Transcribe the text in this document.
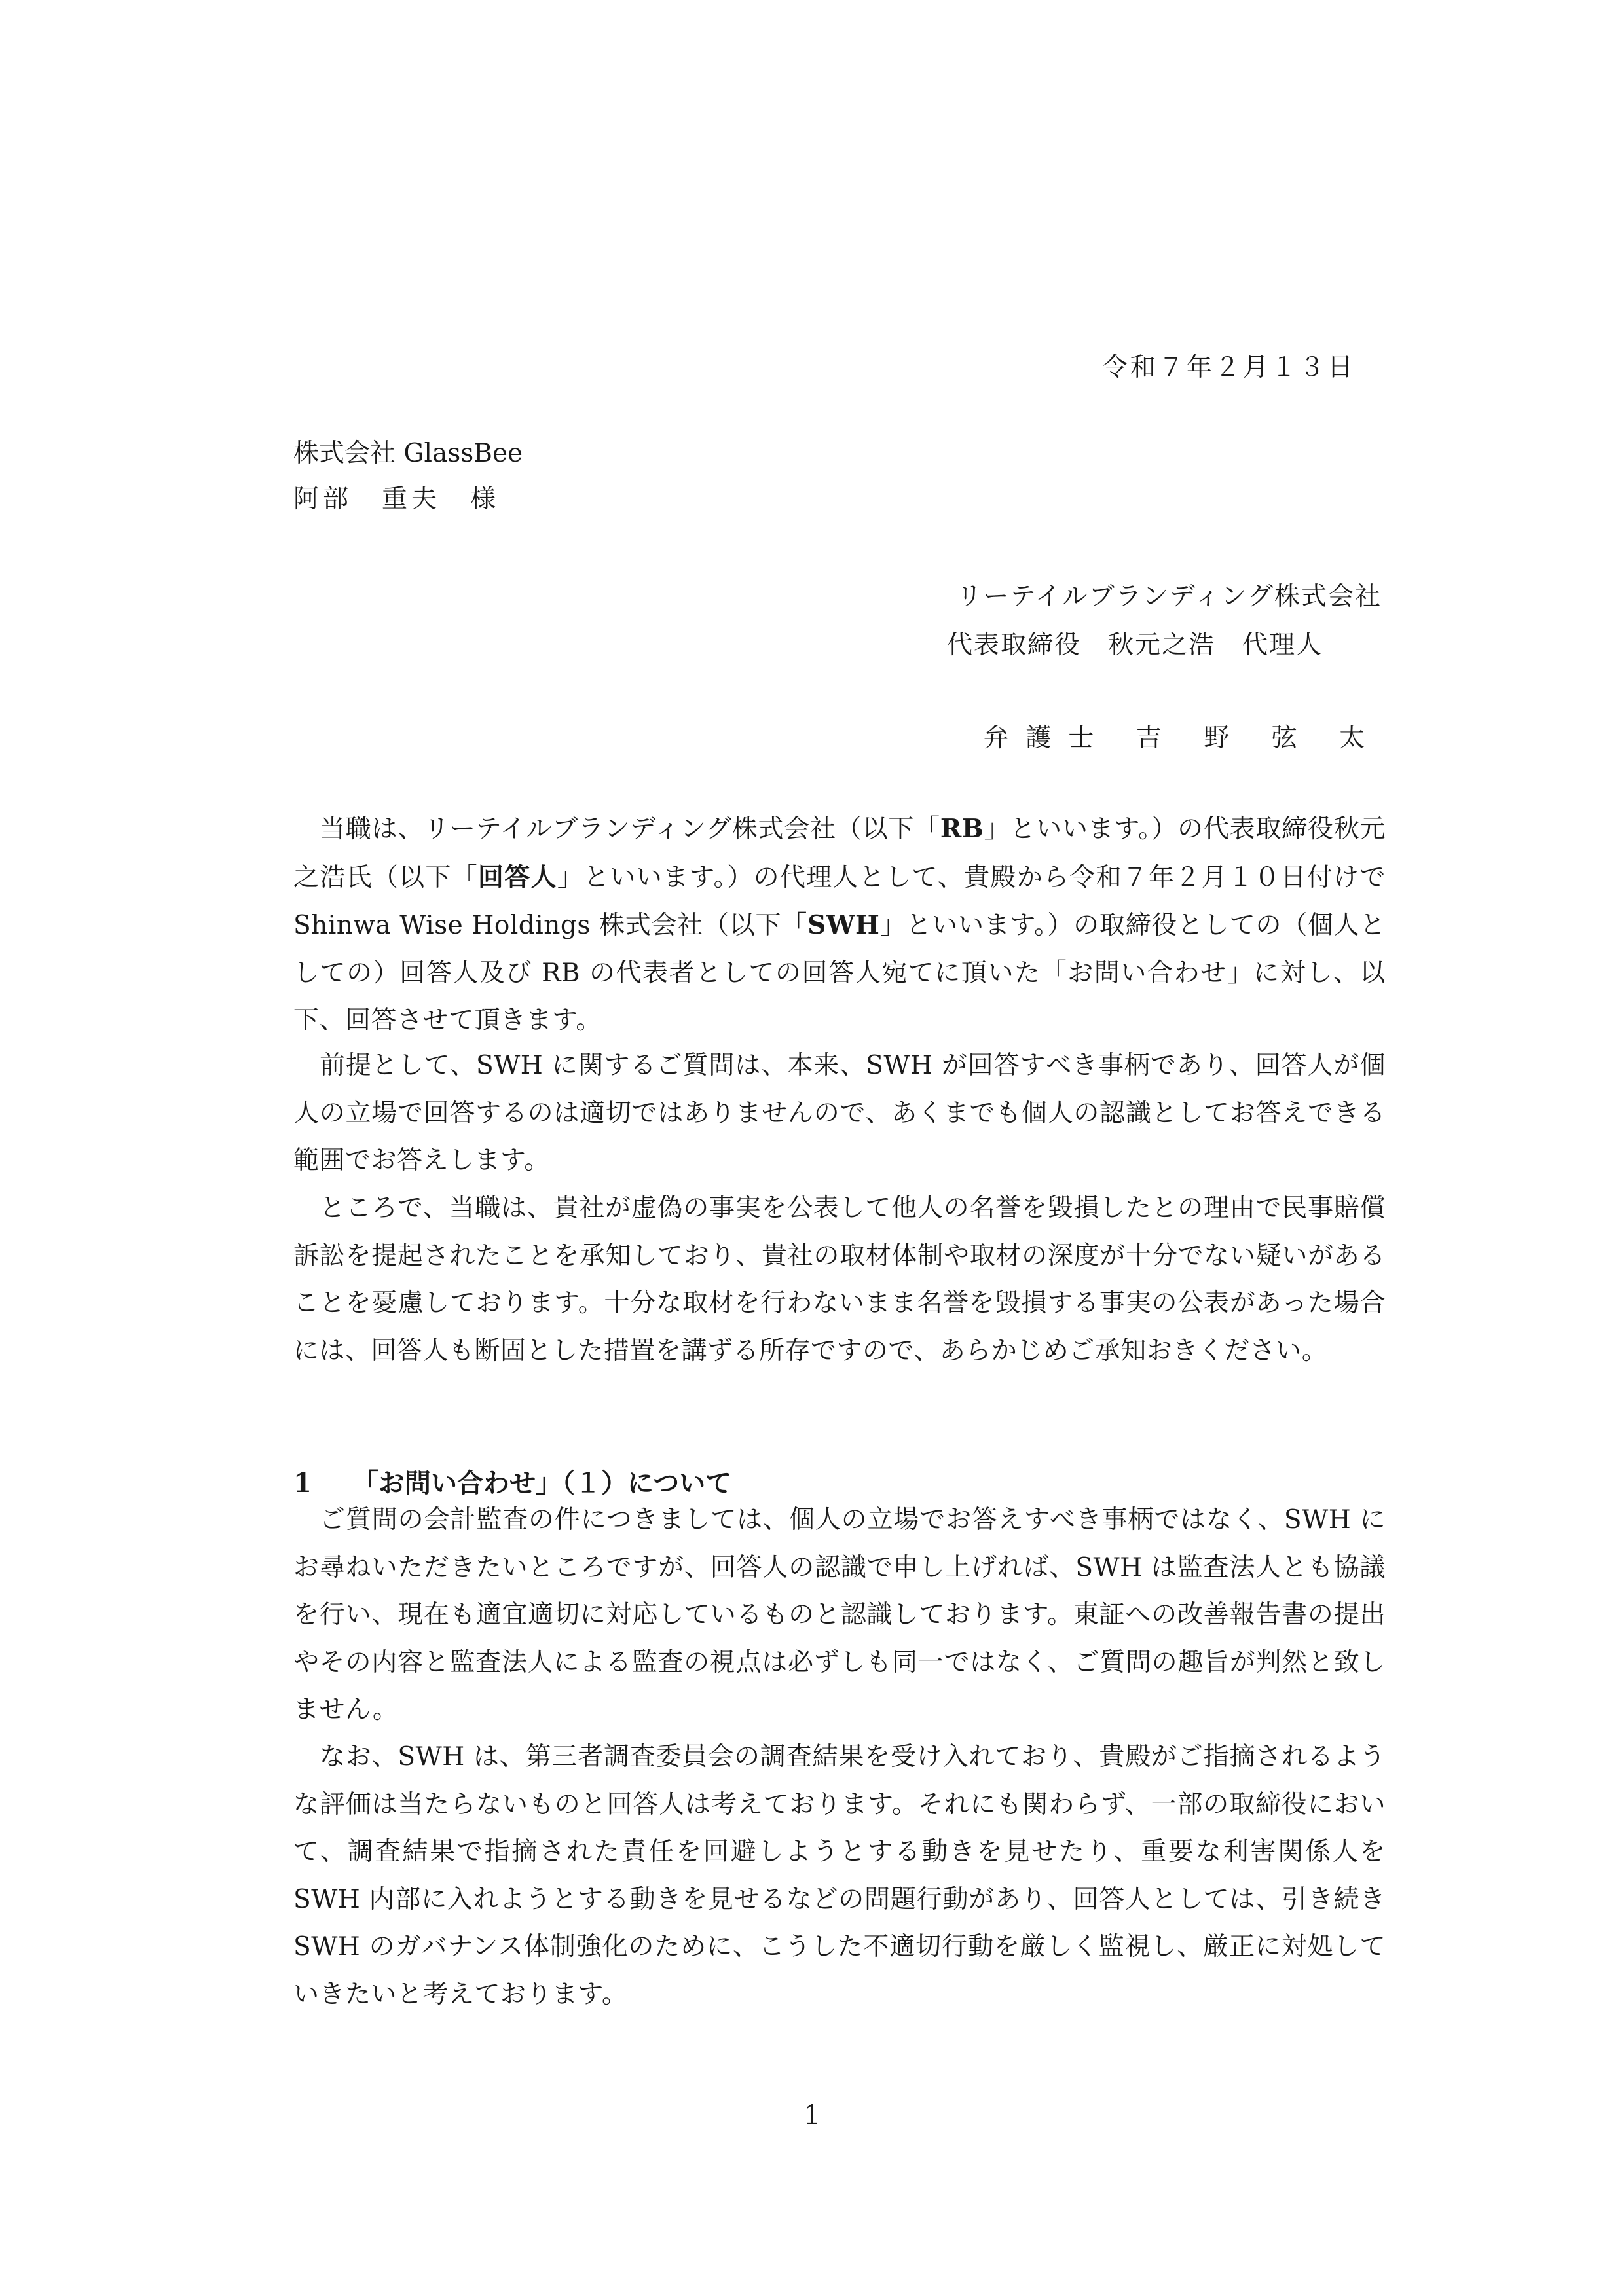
令和７年２月１３日
株式会社 GlassBee
阿部　重夫　様
リーテイルブランディング株式会社
代表取締役　秋元之浩　代理人
弁護士 吉 野 弦 太

当職は、リーテイルブランディング株式会社（以下「RB」といいます。）の代表取締役秋元之浩氏（以下「回答人」といいます。）の代理人として、貴殿から令和７年２月１０日付けで Shinwa Wise Holdings 株式会社（以下「SWH」といいます。）の取締役としての（個人としての）回答人及び RB の代表者としての回答人宛てに頂いた「お問い合わせ」に対し、以下、回答させて頂きます。

前提として、SWH に関するご質問は、本来、SWH が回答すべき事柄であり、回答人が個人の立場で回答するのは適切ではありませんので、あくまでも個人の認識としてお答えできる範囲でお答えします。

ところで、当職は、貴社が虚偽の事実を公表して他人の名誉を毀損したとの理由で民事賠償訴訟を提起されたことを承知しており、貴社の取材体制や取材の深度が十分でない疑いがあることを憂慮しております。十分な取材を行わないまま名誉を毀損する事実の公表があった場合には、回答人も断固とした措置を講ずる所存ですので、あらかじめご承知おきください。

1 「お問い合わせ」（１）について

ご質問の会計監査の件につきましては、個人の立場でお答えすべき事柄ではなく、SWH にお尋ねいただきたいところですが、回答人の認識で申し上げれば、SWH は監査法人とも協議を行い、現在も適宜適切に対応しているものと認識しております。東証への改善報告書の提出やその内容と監査法人による監査の視点は必ずしも同一ではなく、ご質問の趣旨が判然と致しません。

なお、SWH は、第三者調査委員会の調査結果を受け入れており、貴殿がご指摘されるような評価は当たらないものと回答人は考えております。それにも関わらず、一部の取締役において、調査結果で指摘された責任を回避しようとする動きを見せたり、重要な利害関係人を SWH 内部に入れようとする動きを見せるなどの問題行動があり、回答人としては、引き続き SWH のガバナンス体制強化のために、こうした不適切行動を厳しく監視し、厳正に対処していきたいと考えております。

1
